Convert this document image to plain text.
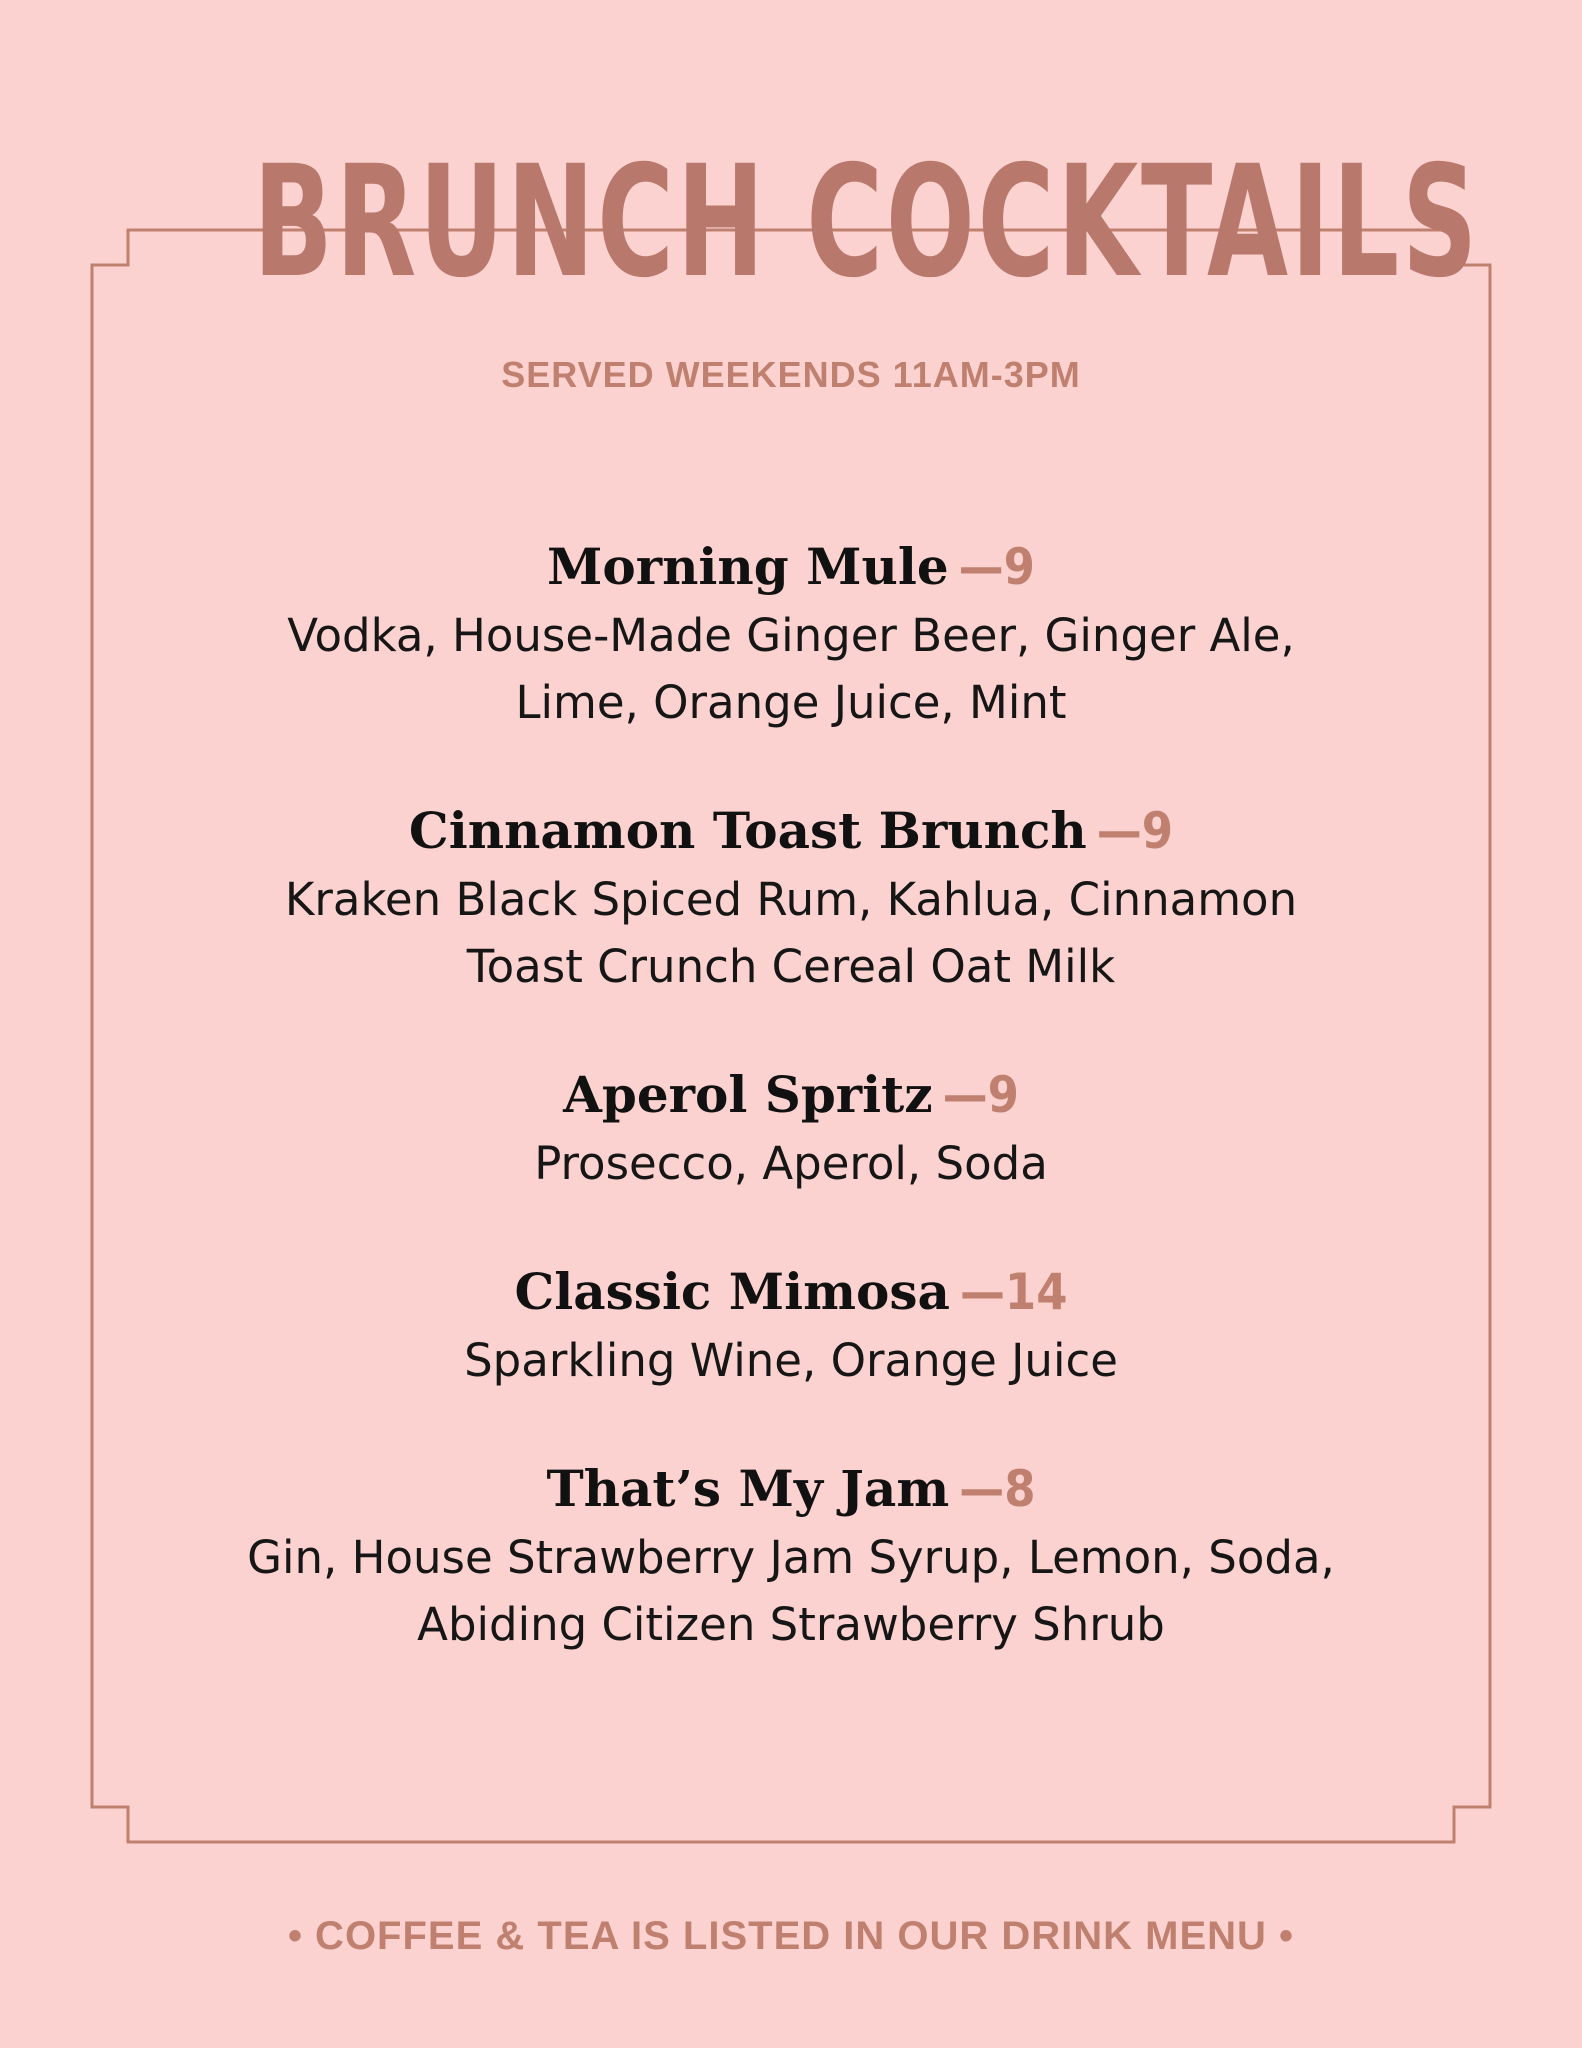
BRUNCH COCKTAILS
SERVED WEEKENDS 11AM-3PM
Morning Mule —9
Vodka, House-Made Ginger Beer, Ginger Ale, Lime, Orange Juice, Mint
Cinnamon Toast Brunch —9
Kraken Black Spiced Rum, Kahlua, Cinnamon Toast Crunch Cereal Oat Milk
Aperol Spritz —9
Prosecco, Aperol, Soda
Classic Mimosa —14
Sparkling Wine, Orange Juice
That’s My Jam —8
Gin, House Strawberry Jam Syrup, Lemon, Soda, Abiding Citizen Strawberry Shrub
• COFFEE & TEA IS LISTED IN OUR DRINK MENU •
